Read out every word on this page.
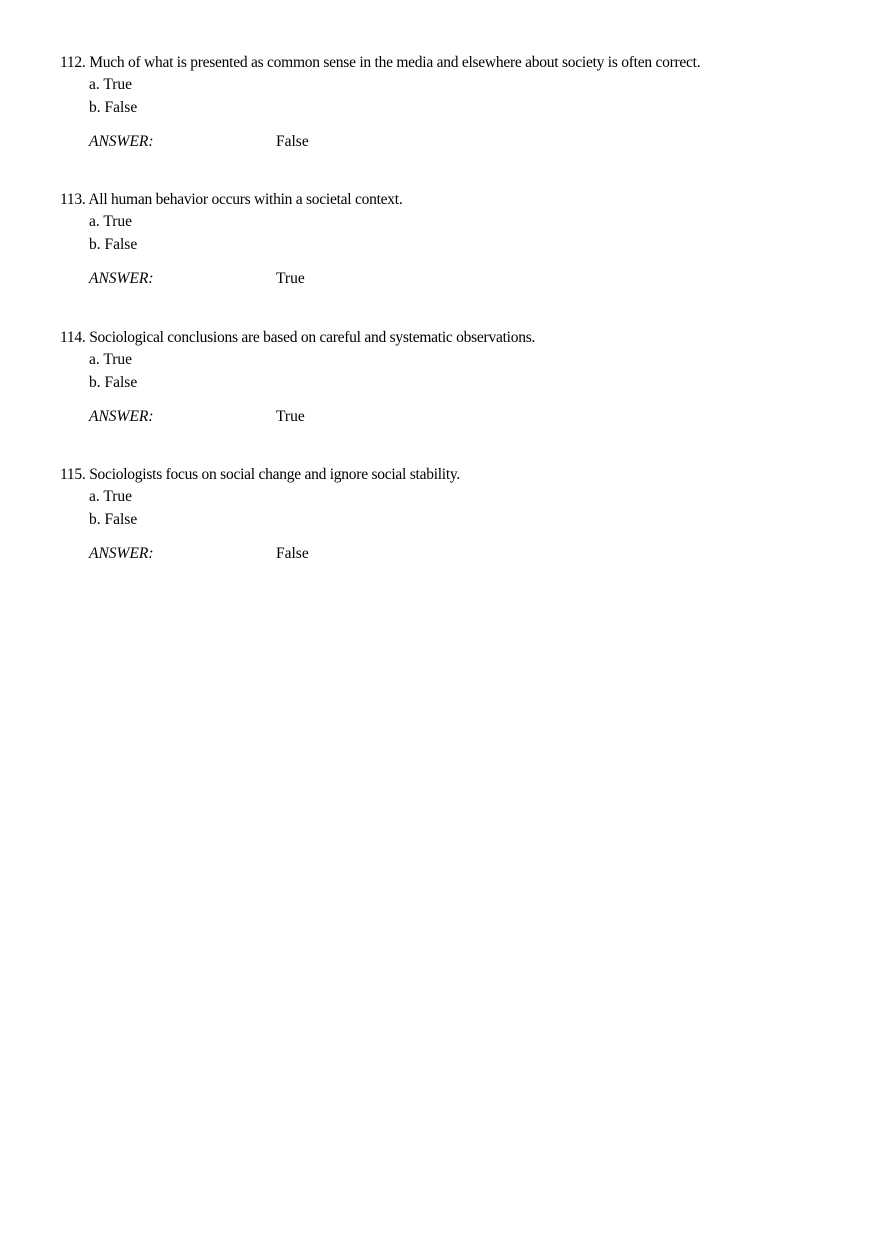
112. Much of what is presented as common sense in the media and elsewhere about society is often correct.
a. True
b. False
ANSWER:	False
113. All human behavior occurs within a societal context.
a. True
b. False
ANSWER:	True
114. Sociological conclusions are based on careful and systematic observations.
a. True
b. False
ANSWER:	True
115. Sociologists focus on social change and ignore social stability.
a. True
b. False
ANSWER:	False
